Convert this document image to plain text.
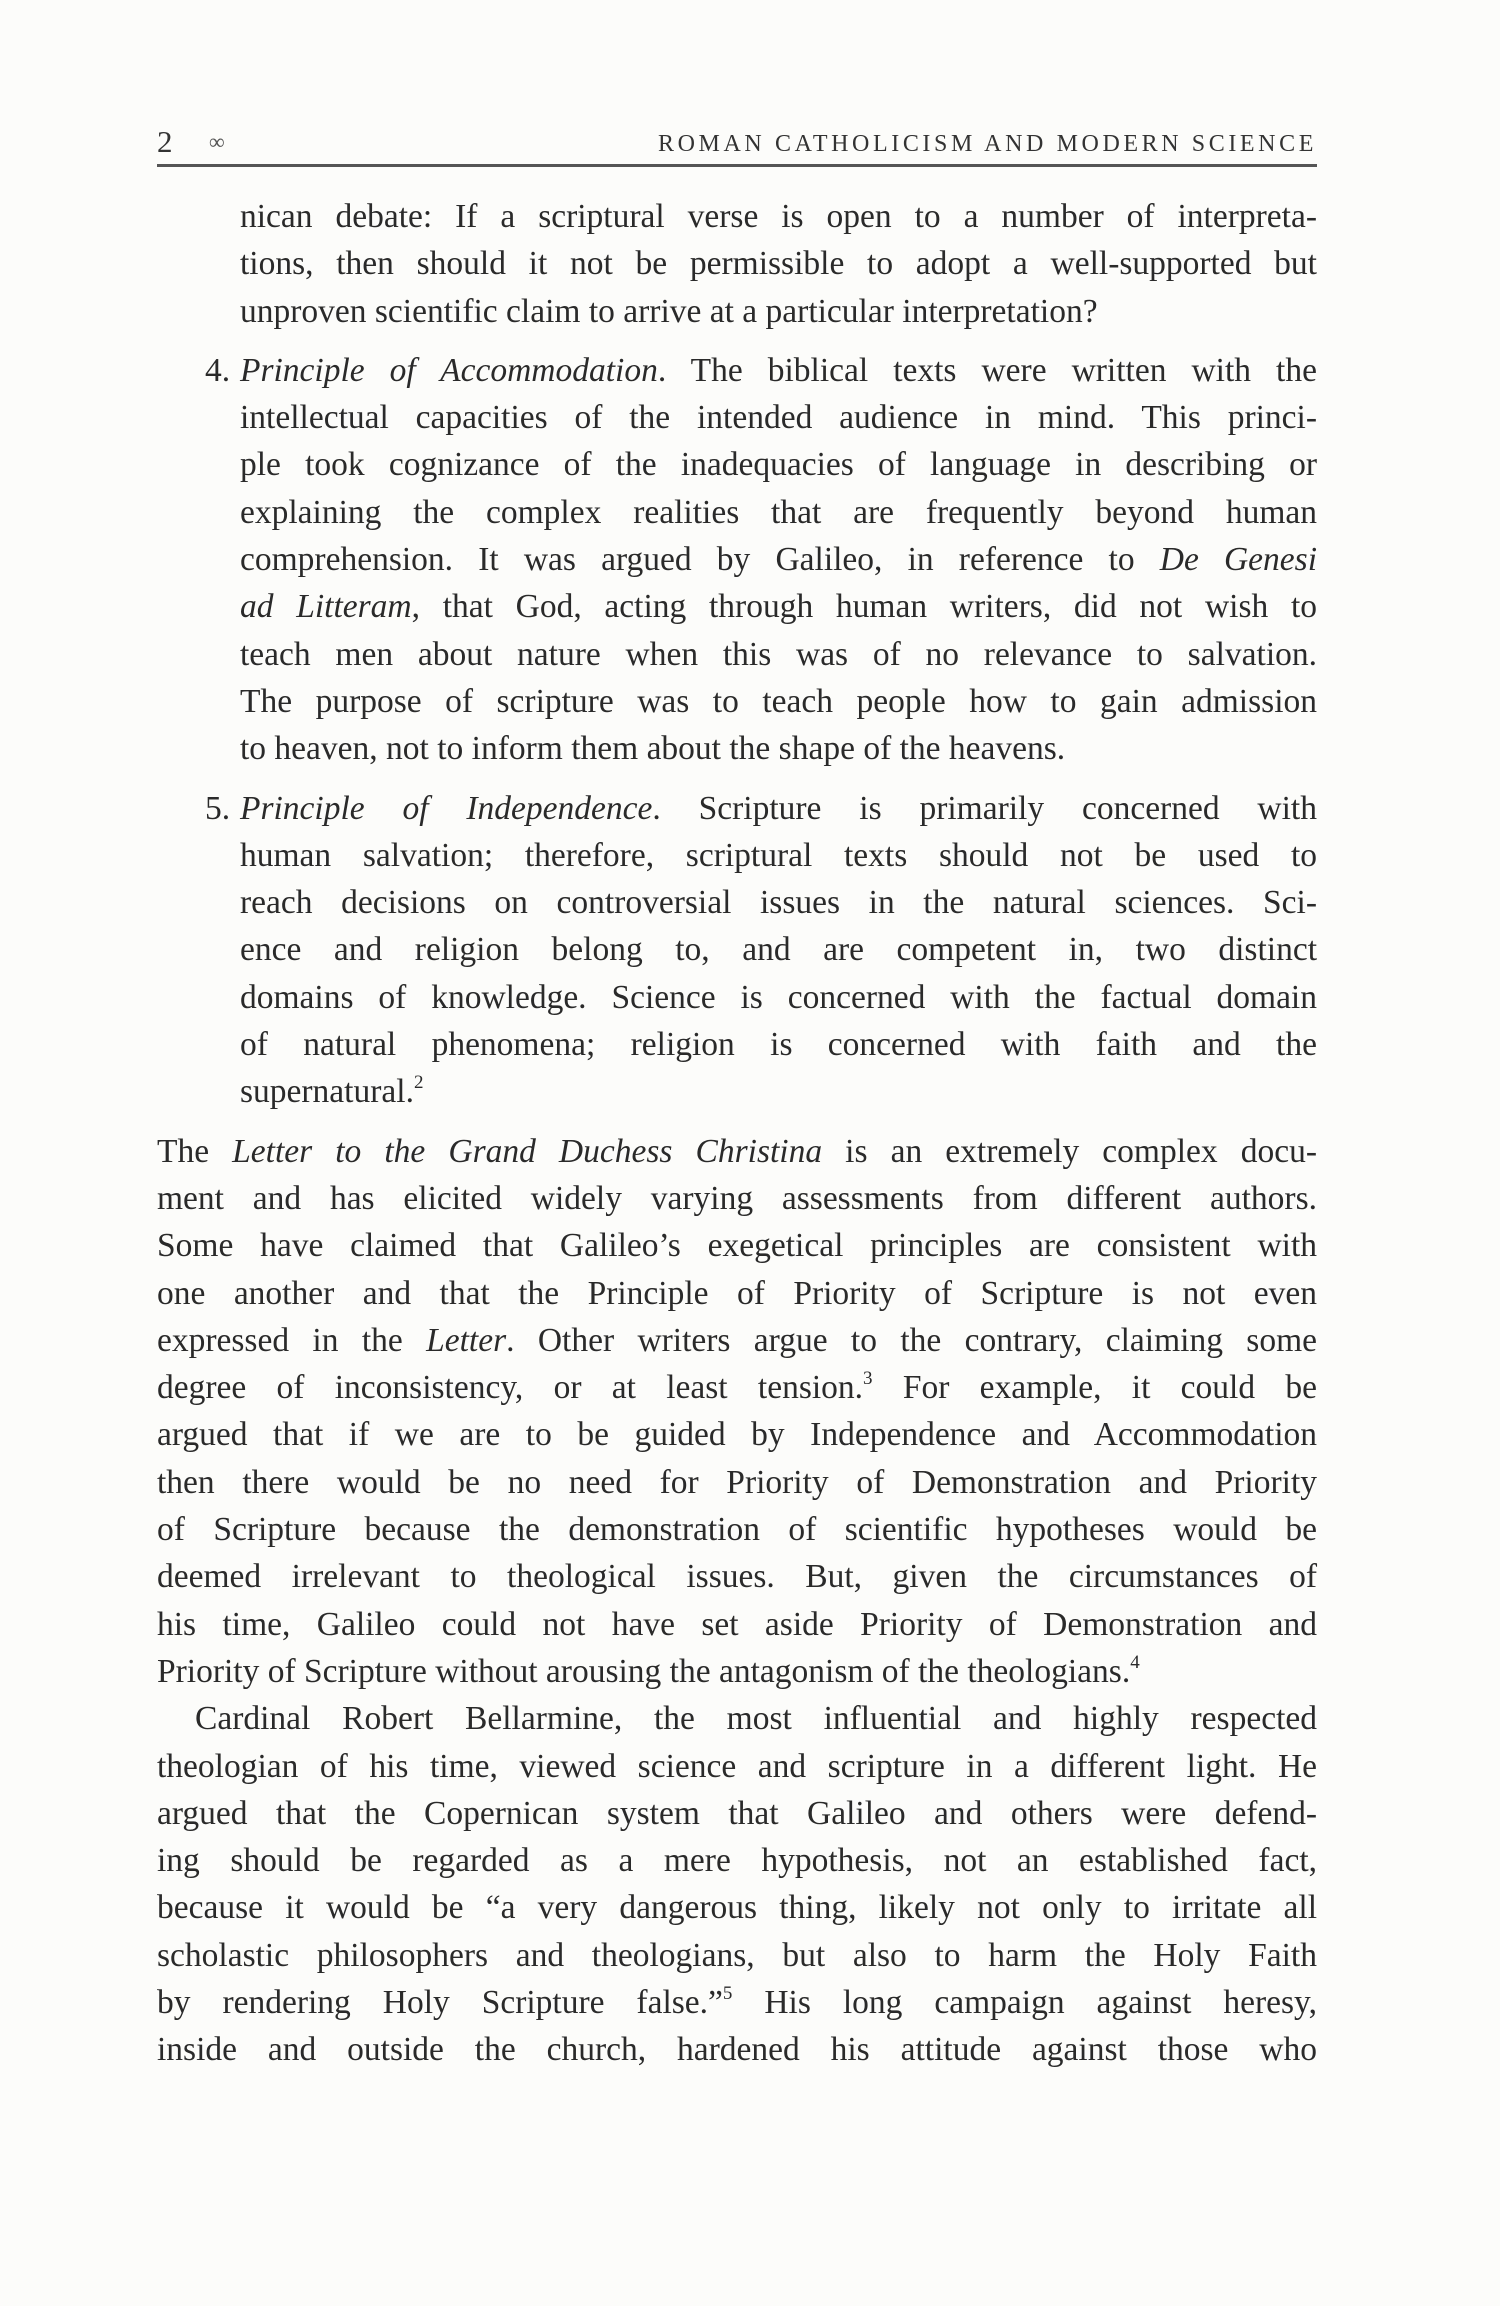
2 ∞	ROMAN CATHOLICISM AND MODERN SCIENCE
nican debate: If a scriptural verse is open to a number of interpreta-
tions, then should it not be permissible to adopt a well-supported but
unproven scientific claim to arrive at a particular interpretation?
4. Principle of Accommodation. The biblical texts were written with the
intellectual capacities of the intended audience in mind. This princi-
ple took cognizance of the inadequacies of language in describing or
explaining the complex realities that are frequently beyond human
comprehension. It was argued by Galileo, in reference to De Genesi
ad Litteram, that God, acting through human writers, did not wish to
teach men about nature when this was of no relevance to salvation.
The purpose of scripture was to teach people how to gain admission
to heaven, not to inform them about the shape of the heavens.
5. Principle of Independence. Scripture is primarily concerned with
human salvation; therefore, scriptural texts should not be used to
reach decisions on controversial issues in the natural sciences. Sci-
ence and religion belong to, and are competent in, two distinct
domains of knowledge. Science is concerned with the factual domain
of natural phenomena; religion is concerned with faith and the
supernatural.$^2$
The Letter to the Grand Duchess Christina is an extremely complex docu-
ment and has elicited widely varying assessments from different authors.
Some have claimed that Galileo’s exegetical principles are consistent with
one another and that the Principle of Priority of Scripture is not even
expressed in the Letter. Other writers argue to the contrary, claiming some
degree of inconsistency, or at least tension.$^3$ For example, it could be
argued that if we are to be guided by Independence and Accommodation
then there would be no need for Priority of Demonstration and Priority
of Scripture because the demonstration of scientific hypotheses would be
deemed irrelevant to theological issues. But, given the circumstances of
his time, Galileo could not have set aside Priority of Demonstration and
Priority of Scripture without arousing the antagonism of the theologians.$^4$
Cardinal Robert Bellarmine, the most influential and highly respected
theologian of his time, viewed science and scripture in a different light. He
argued that the Copernican system that Galileo and others were defend-
ing should be regarded as a mere hypothesis, not an established fact,
because it would be “a very dangerous thing, likely not only to irritate all
scholastic philosophers and theologians, but also to harm the Holy Faith
by rendering Holy Scripture false.”$^5$ His long campaign against heresy,
inside and outside the church, hardened his attitude against those who
